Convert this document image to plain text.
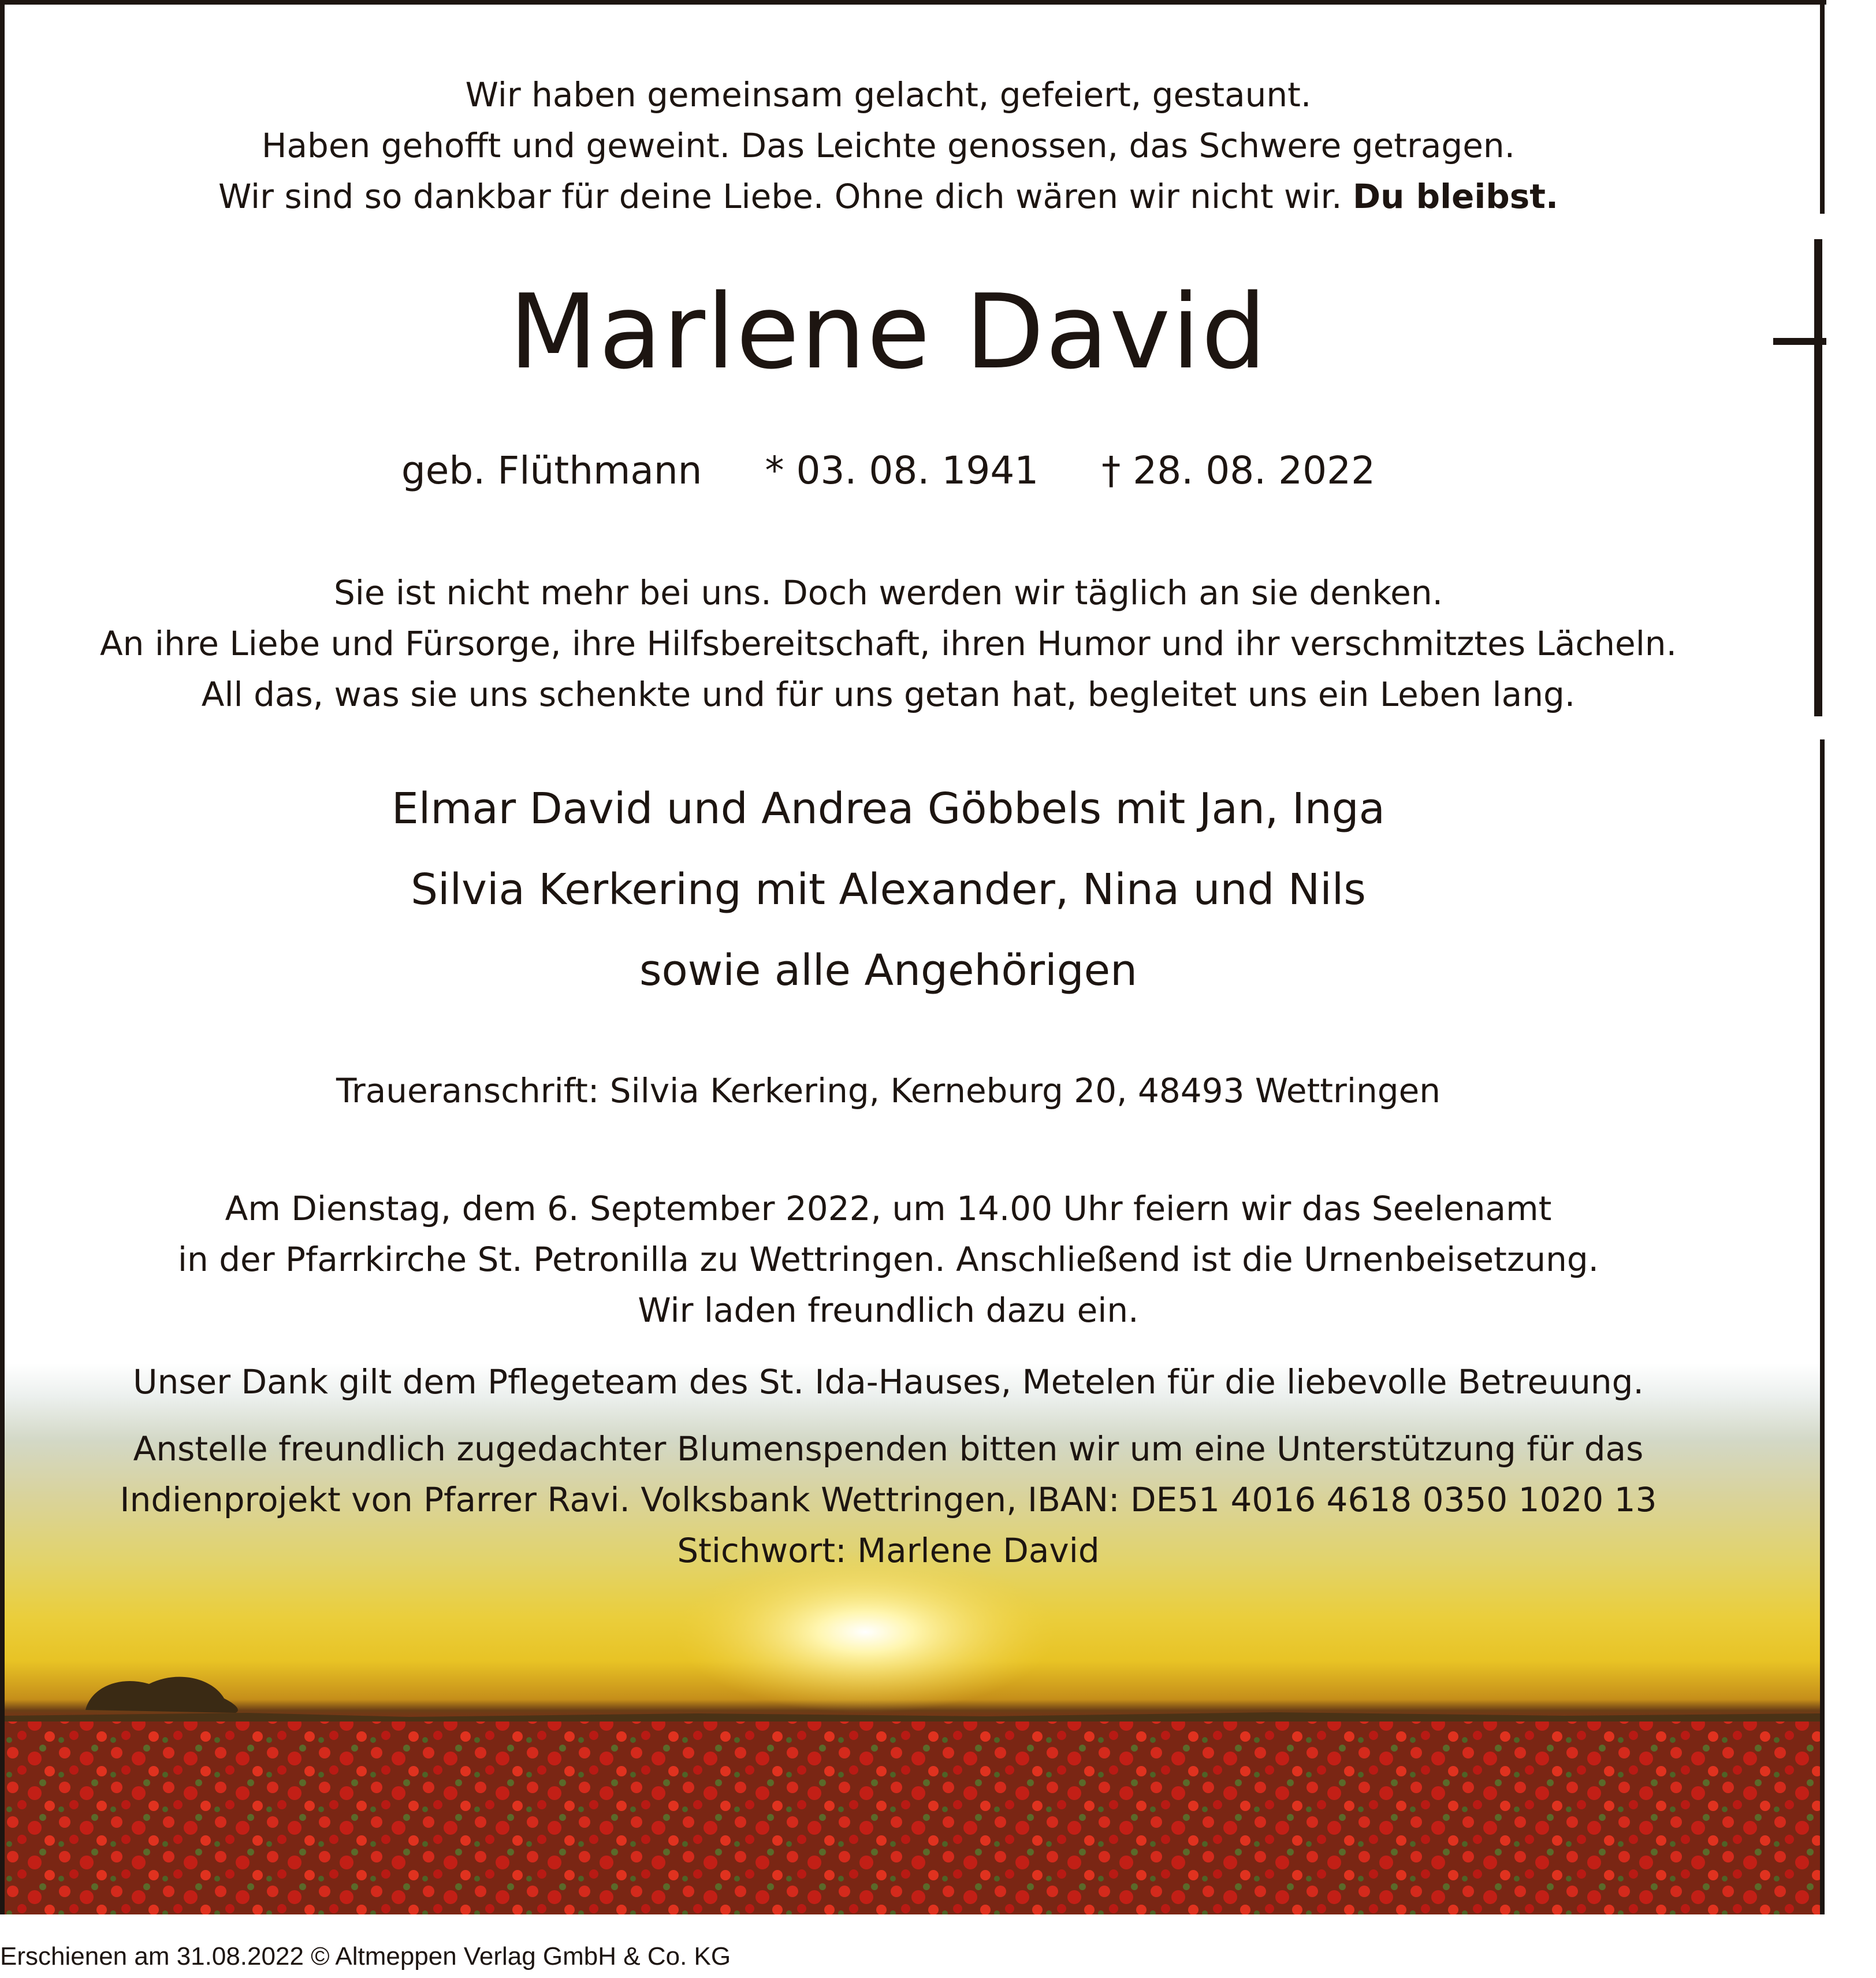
Wir haben gemeinsam gelacht, gefeiert, gestaunt.
Haben gehofft und geweint. Das Leichte genossen, das Schwere getragen.
Wir sind so dankbar für deine Liebe. Ohne dich wären wir nicht wir. Du bleibst.
Marlene David
geb. Flüthmann * 03. 08. 1941 † 28. 08. 2022
Sie ist nicht mehr bei uns. Doch werden wir täglich an sie denken.
An ihre Liebe und Fürsorge, ihre Hilfsbereitschaft, ihren Humor und ihr verschmitztes Lächeln.
All das, was sie uns schenkte und für uns getan hat, begleitet uns ein Leben lang.
Elmar David und Andrea Göbbels mit Jan, Inga
Silvia Kerkering mit Alexander, Nina und Nils
sowie alle Angehörigen
Traueranschrift: Silvia Kerkering, Kerneburg 20, 48493 Wettringen
Am Dienstag, dem 6. September 2022, um 14.00 Uhr feiern wir das Seelenamt
in der Pfarrkirche St. Petronilla zu Wettringen. Anschließend ist die Urnenbeisetzung.
Wir laden freundlich dazu ein.
Unser Dank gilt dem Pflegeteam des St. Ida-Hauses, Metelen für die liebevolle Betreuung.
Anstelle freundlich zugedachter Blumenspenden bitten wir um eine Unterstützung für das
Indienprojekt von Pfarrer Ravi. Volksbank Wettringen, IBAN: DE51 4016 4618 0350 1020 13
Stichwort: Marlene David

Erschienen am 31.08.2022 © Altmeppen Verlag GmbH & Co. KG
